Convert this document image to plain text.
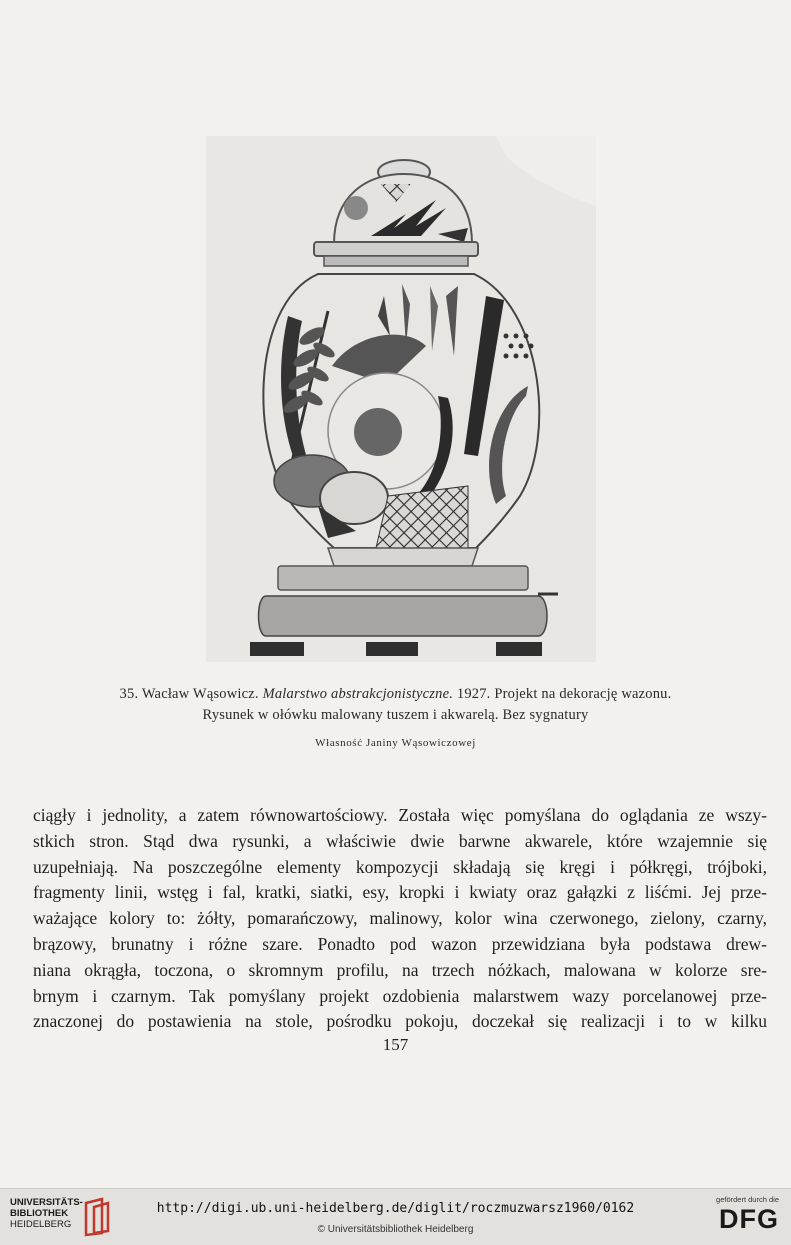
35. Wacław Wąsowicz. Malarstwo abstrakcjonistyczne. 1927. Projekt na dekorację wazonu.
Rysunek w ołówku malowany tuszem i akwarelą. Bez sygnatury
Własność Janiny Wąsowiczowej

ciągły i jednolity, a zatem równowartościowy. Została więc pomyślana do oglądania ze wszy-

stkich stron. Stąd dwa rysunki, a właściwie dwie barwne akwarele, które wzajemnie się

uzupełniają. Na poszczególne elementy kompozycji składają się kręgi i półkręgi, trójboki,

fragmenty linii, wstęg i fal, kratki, siatki, esy, kropki i kwiaty oraz gałązki z liśćmi. Jej prze-

ważające kolory to: żółty, pomarańczowy, malinowy, kolor wina czerwonego, zielony, czarny,

brązowy, brunatny i różne szare. Ponadto pod wazon przewidziana była podstawa drew-

niana okrągła, toczona, o skromnym profilu, na trzech nóżkach, malowana w kolorze sre-

brnym i czarnym. Tak pomyślany projekt ozdobienia malarstwem wazy porcelanowej prze-

znaczonej do postawienia na stole, pośrodku pokoju, doczekał się realizacji i to w kilku

157
UNIVERSITÄTS-
BIBLIOTHEK
HEIDELBERG
http://digi.ub.uni-heidelberg.de/diglit/roczmuzwarsz1960/0162
© Universitätsbibliothek Heidelberg
gefördert durch die
DFG
